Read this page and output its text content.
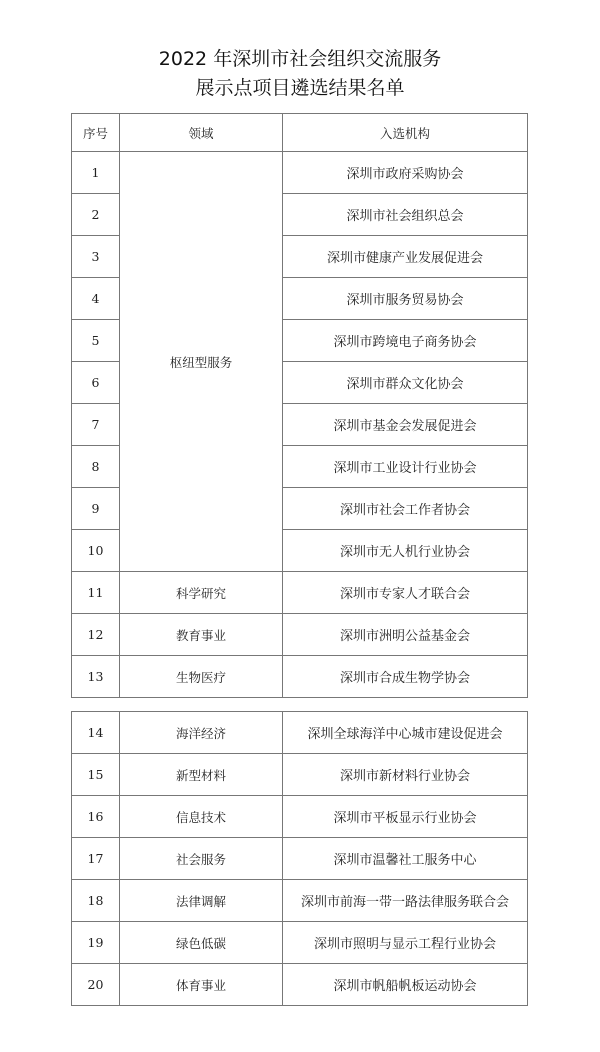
2022 年深圳市社会组织交流服务
展示点项目遴选结果名单
序号	领域	入选机构
1	枢纽型服务	深圳市政府采购协会
2		深圳市社会组织总会
3		深圳市健康产业发展促进会
4		深圳市服务贸易协会
5		深圳市跨境电子商务协会
6		深圳市群众文化协会
7		深圳市基金会发展促进会
8		深圳市工业设计行业协会
9		深圳市社会工作者协会
10		深圳市无人机行业协会
11	科学研究	深圳市专家人才联合会
12	教育事业	深圳市洲明公益基金会
13	生物医疗	深圳市合成生物学协会
14	海洋经济	深圳全球海洋中心城市建设促进会
15	新型材料	深圳市新材料行业协会
16	信息技术	深圳市平板显示行业协会
17	社会服务	深圳市温馨社工服务中心
18	法律调解	深圳市前海一带一路法律服务联合会
19	绿色低碳	深圳市照明与显示工程行业协会
20	体育事业	深圳市帆船帆板运动协会
